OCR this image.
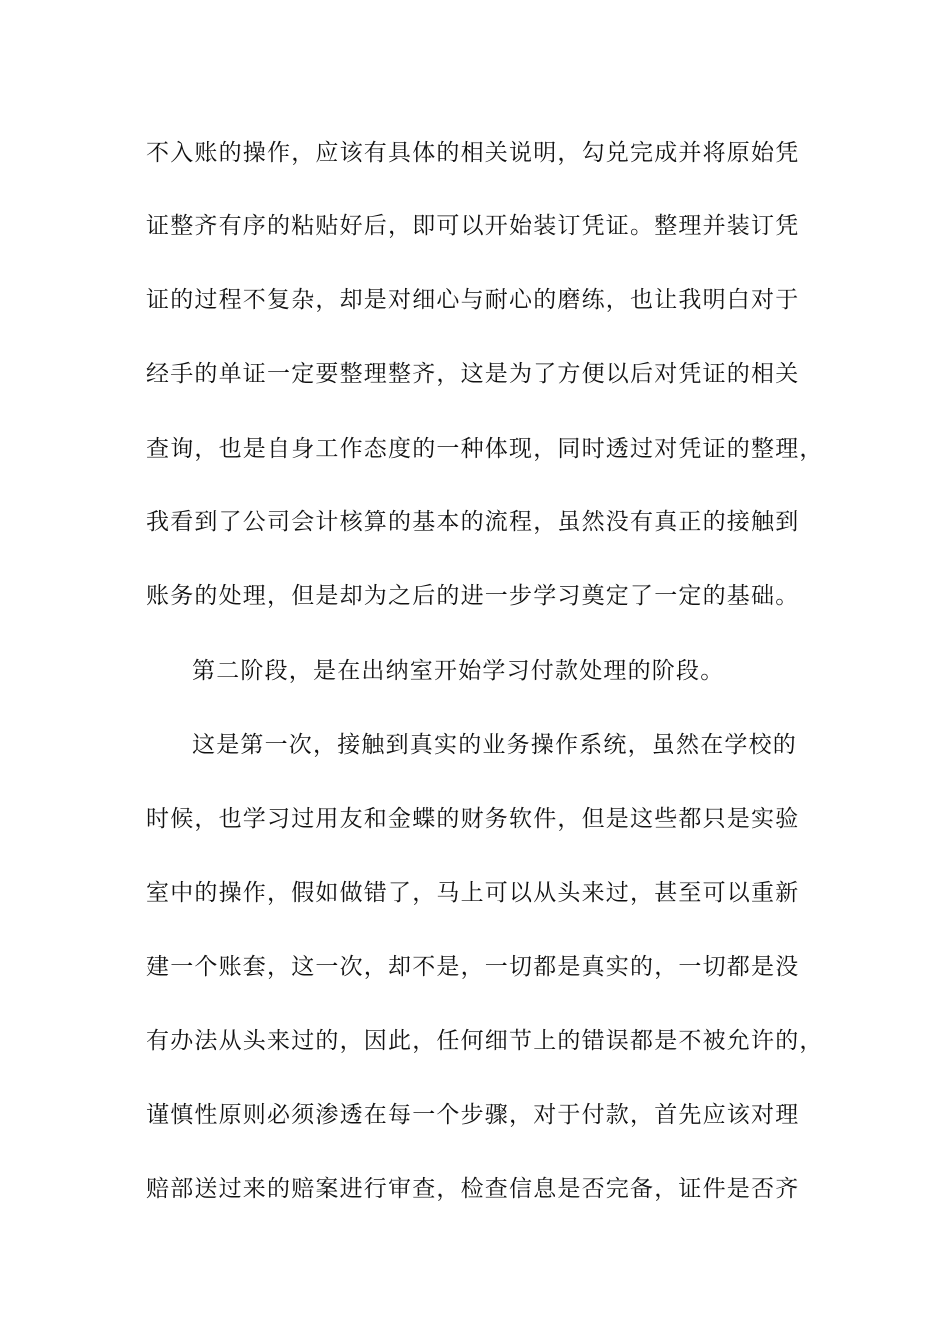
不入账的操作，应该有具体的相关说明，勾兑完成并将原始凭
证整齐有序的粘贴好后，即可以开始装订凭证。整理并装订凭
证的过程不复杂，却是对细心与耐心的磨练，也让我明白对于
经手的单证一定要整理整齐，这是为了方便以后对凭证的相关
查询，也是自身工作态度的一种体现，同时透过对凭证的整理，
我看到了公司会计核算的基本的流程，虽然没有真正的接触到
账务的处理，但是却为之后的进一步学习奠定了一定的基础。
第二阶段，是在出纳室开始学习付款处理的阶段。
这是第一次，接触到真实的业务操作系统，虽然在学校的
时候，也学习过用友和金蝶的财务软件，但是这些都只是实验
室中的操作，假如做错了，马上可以从头来过，甚至可以重新
建一个账套，这一次，却不是，一切都是真实的，一切都是没
有办法从头来过的，因此，任何细节上的错误都是不被允许的，
谨慎性原则必须渗透在每一个步骤，对于付款，首先应该对理
赔部送过来的赔案进行审查，检查信息是否完备，证件是否齐
